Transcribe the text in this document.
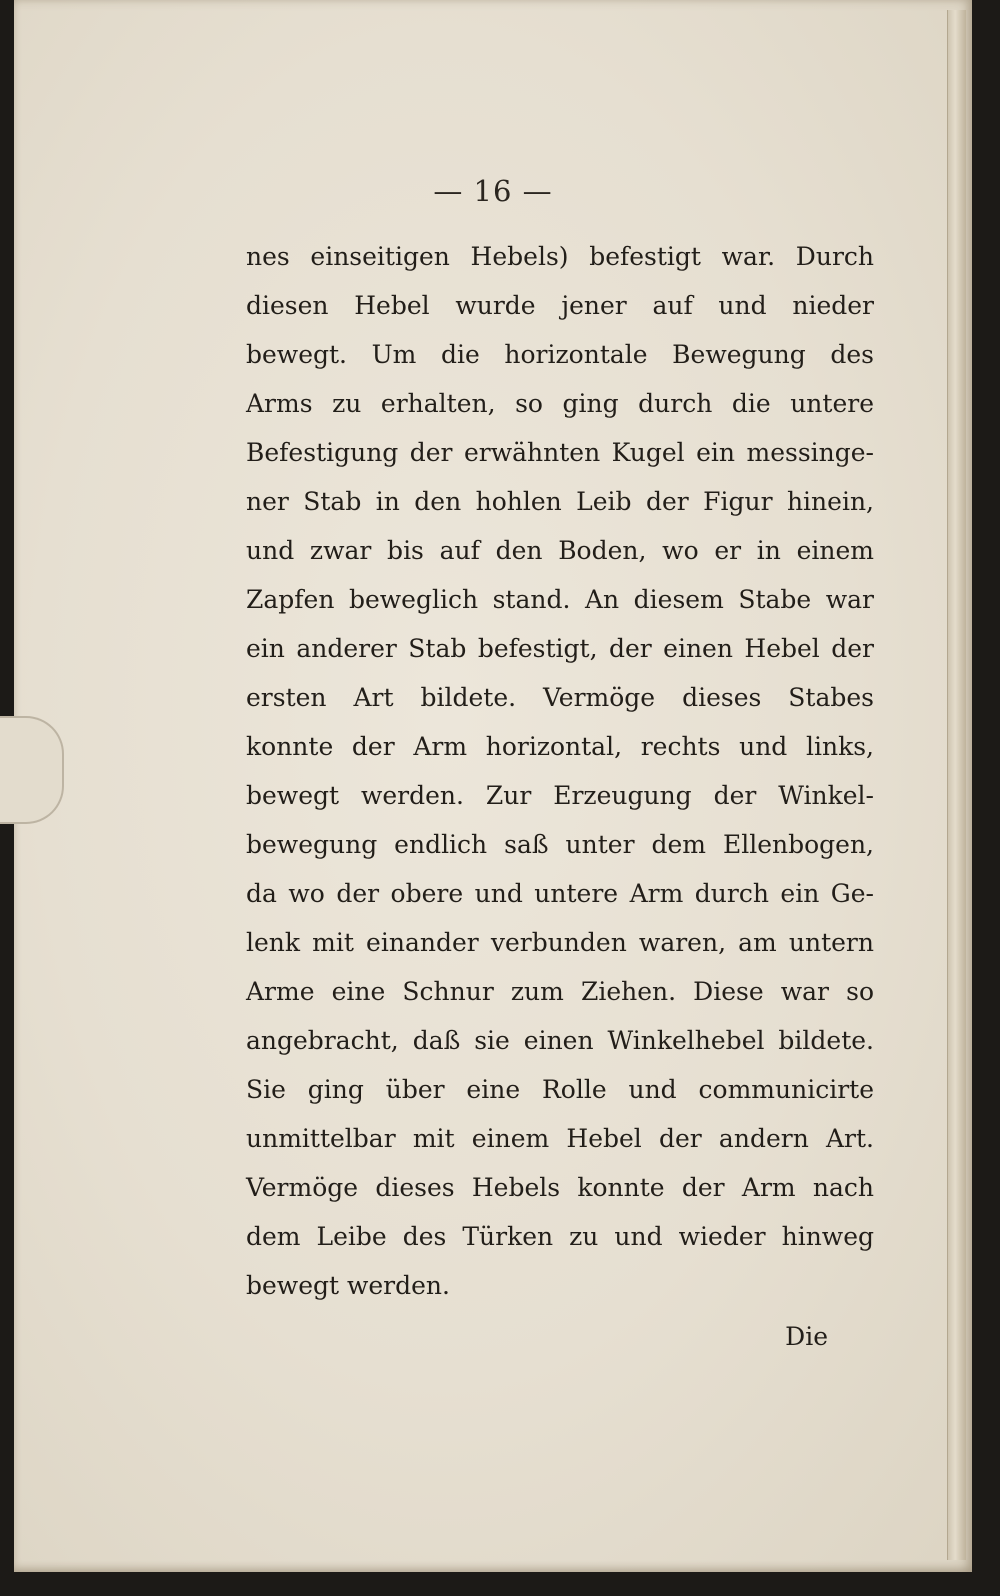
— 16 —
nes einseitigen Hebels) befestigt war. Durch
diesen Hebel wurde jener auf und nieder
bewegt. Um die horizontale Bewegung des
Arms zu erhalten, so ging durch die untere
Befestigung der erwähnten Kugel ein messinge-
ner Stab in den hohlen Leib der Figur hinein,
und zwar bis auf den Boden, wo er in einem
Zapfen beweglich stand. An diesem Stabe war
ein anderer Stab befestigt, der einen Hebel der
ersten Art bildete. Vermöge dieses Stabes
konnte der Arm horizontal, rechts und links,
bewegt werden. Zur Erzeugung der Winkel-
bewegung endlich saß unter dem Ellenbogen,
da wo der obere und untere Arm durch ein Ge-
lenk mit einander verbunden waren, am untern
Arme eine Schnur zum Ziehen. Diese war so
angebracht, daß sie einen Winkelhebel bildete.
Sie ging über eine Rolle und communicirte
unmittelbar mit einem Hebel der andern Art.
Vermöge dieses Hebels konnte der Arm nach
dem Leibe des Türken zu und wieder hinweg
bewegt werden.
Die
